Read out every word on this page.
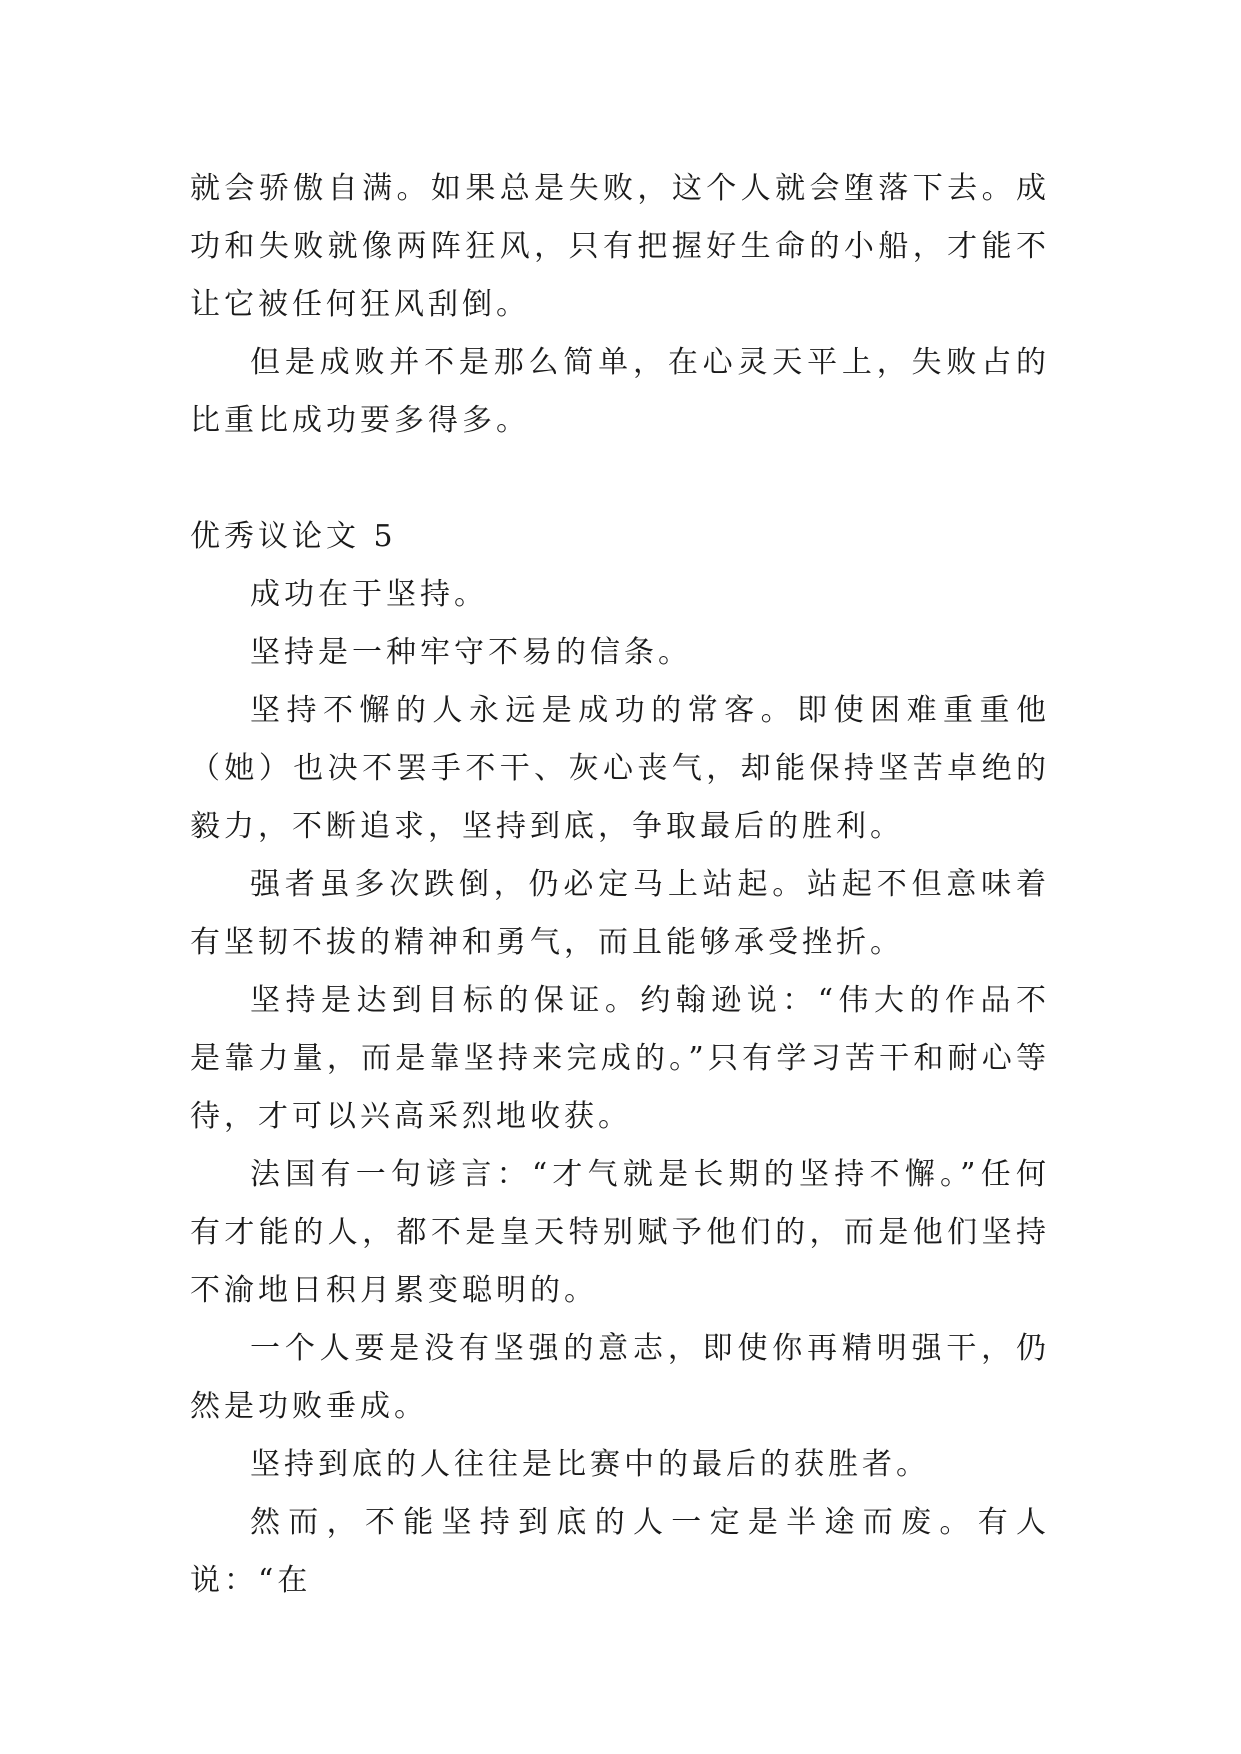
就会骄傲自满。如果总是失败，这个人就会堕落下去。成功和失败就像两阵狂风，只有把握好生命的小船，才能不让它被任何狂风刮倒。

但是成败并不是那么简单，在心灵天平上，失败占的比重比成功要多得多。

优秀议论文 5

成功在于坚持。

坚持是一种牢守不易的信条。

坚持不懈的人永远是成功的常客。即使困难重重他（她）也决不罢手不干、灰心丧气，却能保持坚苦卓绝的毅力，不断追求，坚持到底，争取最后的胜利。

强者虽多次跌倒，仍必定马上站起。站起不但意味着有坚韧不拔的精神和勇气，而且能够承受挫折。

坚持是达到目标的保证。约翰逊说：“伟大的作品不是靠力量，而是靠坚持来完成的。”只有学习苦干和耐心等待，才可以兴高采烈地收获。

法国有一句谚言：“才气就是长期的坚持不懈。”任何有才能的人，都不是皇天特别赋予他们的，而是他们坚持不渝地日积月累变聪明的。

一个人要是没有坚强的意志，即使你再精明强干，仍然是功败垂成。

坚持到底的人往往是比赛中的最后的获胜者。

然而，不能坚持到底的人一定是半途而废。有人说：“在
